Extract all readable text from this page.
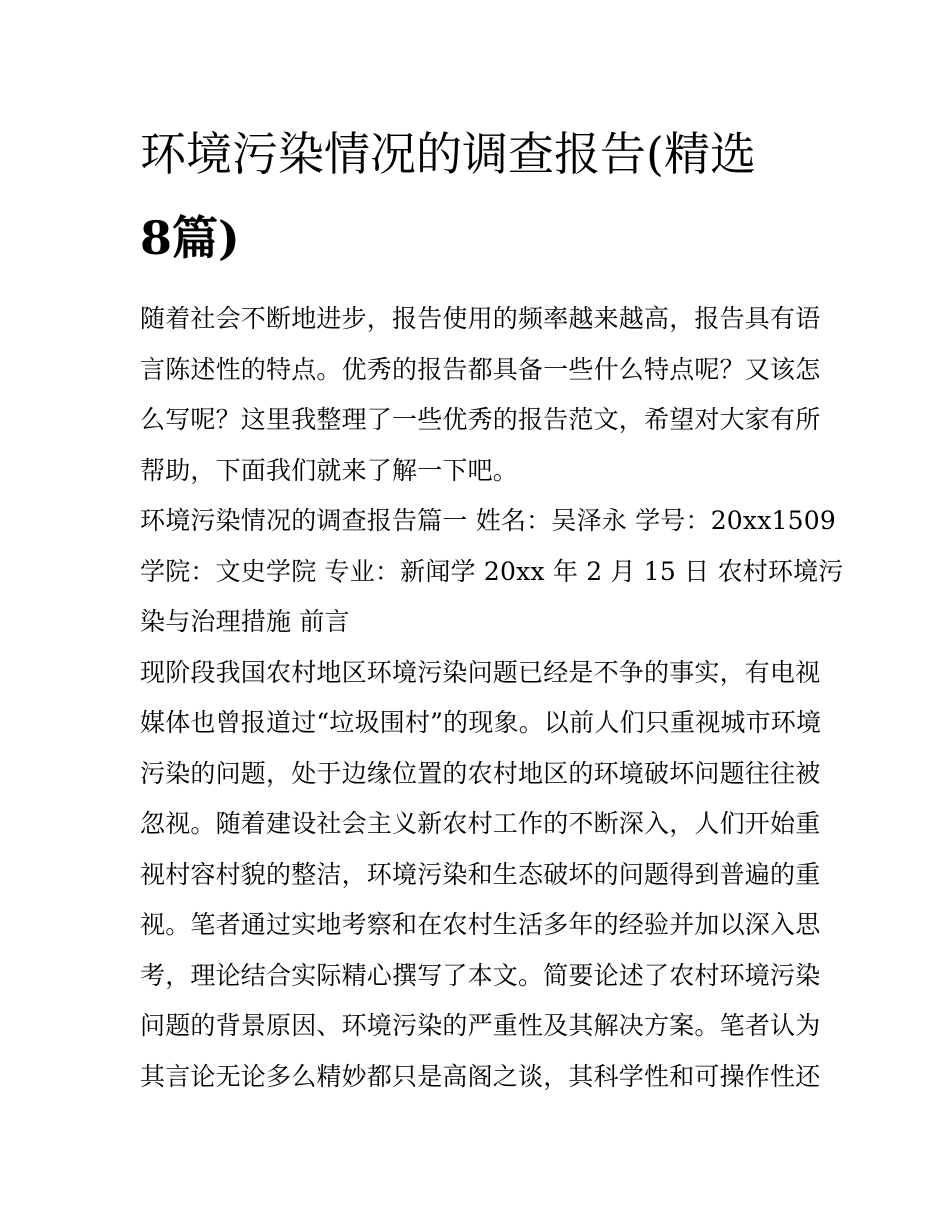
环境污染情况的调查报告(精选
8篇)

随着社会不断地进步，报告使用的频率越来越高，报告具有语
言陈述性的特点。优秀的报告都具备一些什么特点呢？又该怎
么写呢？这里我整理了一些优秀的报告范文，希望对大家有所
帮助，下面我们就来了解一下吧。

环境污染情况的调查报告篇一 姓名：吴泽永 学号：20xx1509
学院：文史学院 专业：新闻学 20xx 年 2 月 15 日 农村环境污
染与治理措施 前言

现阶段我国农村地区环境污染问题已经是不争的事实，有电视
媒体也曾报道过“垃圾围村”的现象。以前人们只重视城市环境
污染的问题，处于边缘位置的农村地区的环境破坏问题往往被
忽视。随着建设社会主义新农村工作的不断深入，人们开始重
视村容村貌的整洁，环境污染和生态破坏的问题得到普遍的重
视。笔者通过实地考察和在农村生活多年的经验并加以深入思
考，理论结合实际精心撰写了本文。简要论述了农村环境污染
问题的背景原因、环境污染的严重性及其解决方案。笔者认为
其言论无论多么精妙都只是高阁之谈，其科学性和可操作性还
